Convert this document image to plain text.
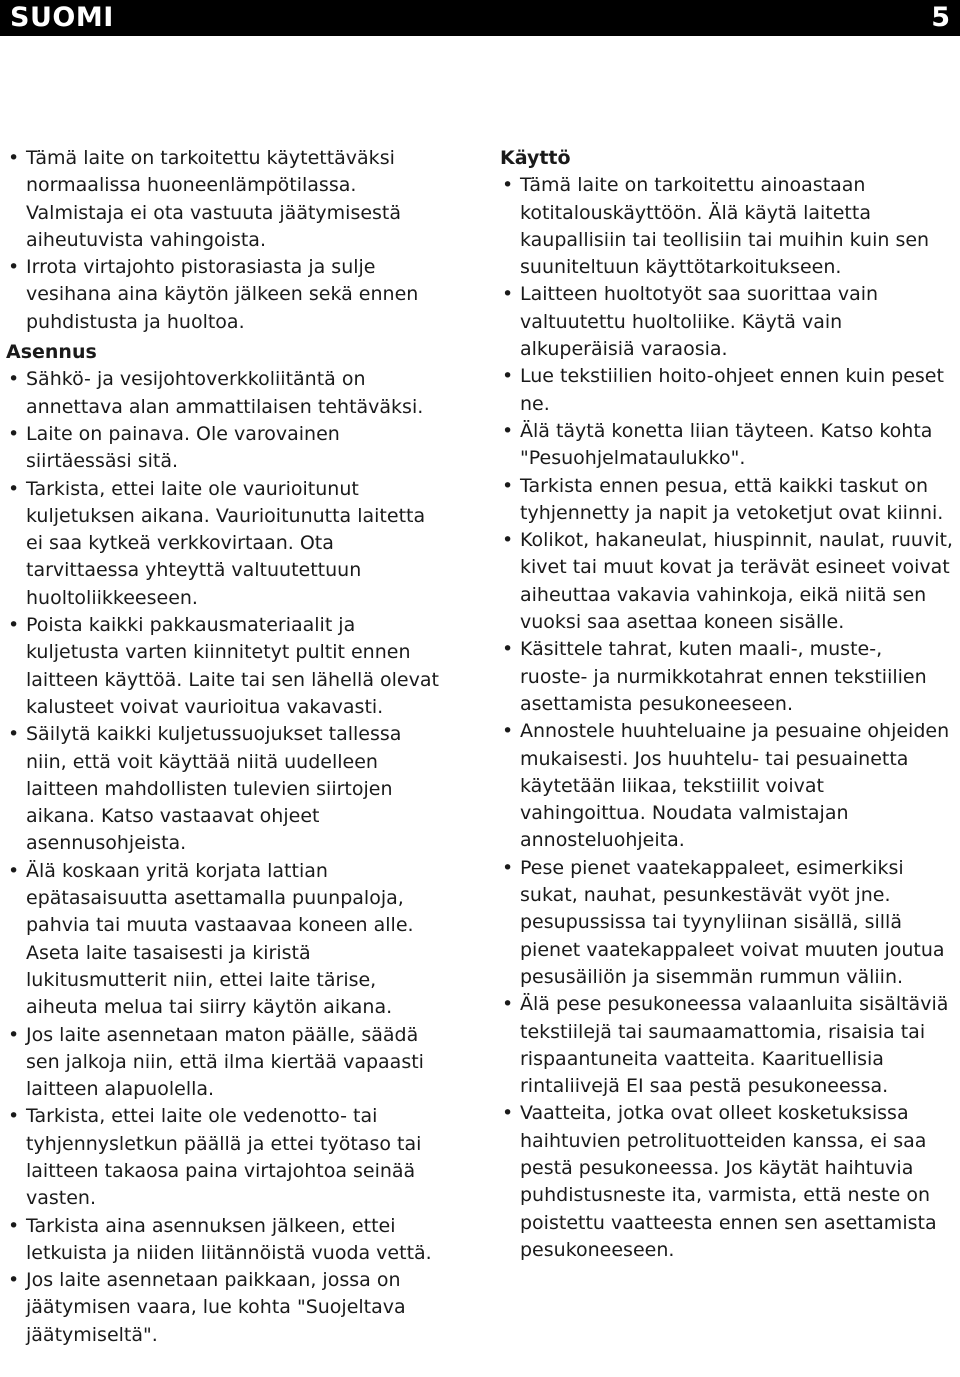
SUOMI	5
• Tämä laite on tarkoitettu käytettäväksi normaalissa huoneenlämpötilassa. Valmistaja ei ota vastuuta jäätymisestä aiheutuvista vahingoista.
• Irrota virtajohto pistorasiasta ja sulje vesihana aina käytön jälkeen sekä ennen puhdistusta ja huoltoa.
Asennus
• Sähkö- ja vesijohtoverkkoliitäntä on annettava alan ammattilaisen tehtäväksi.
• Laite on painava. Ole varovainen siirtäessäsi sitä.
• Tarkista, ettei laite ole vaurioitunut kuljetuksen aikana. Vaurioitunutta laitetta ei saa kytkeä verkkovirtaan. Ota tarvittaessa yhteyttä valtuutettuun huoltoliikkeeseen.
• Poista kaikki pakkausmateriaalit ja kuljetusta varten kiinnitetyt pultit ennen laitteen käyttöä. Laite tai sen lähellä olevat kalusteet voivat vaurioitua vakavasti.
• Säilytä kaikki kuljetussuojukset tallessa niin, että voit käyttää niitä uudelleen laitteen mahdollisten tulevien siirtojen aikana. Katso vastaavat ohjeet asennusohjeista.
• Älä koskaan yritä korjata lattian epätasaisuutta asettamalla puunpaloja, pahvia tai muuta vastaavaa koneen alle. Aseta laite tasaisesti ja kiristä lukitusmutterit niin, ettei laite tärise, aiheuta melua tai siirry käytön aikana.
• Jos laite asennetaan maton päälle, säädä sen jalkoja niin, että ilma kiertää vapaasti laitteen alapuolella.
• Tarkista, ettei laite ole vedenotto- tai tyhjennysletkun päällä ja ettei työtaso tai laitteen takaosa paina virtajohtoa seinää vasten.
• Tarkista aina asennuksen jälkeen, ettei letkuista ja niiden liitännöistä vuoda vettä.
• Jos laite asennetaan paikkaan, jossa on jäätymisen vaara, lue kohta "Suojeltava jäätymiseltä".
Käyttö
• Tämä laite on tarkoitettu ainoastaan kotitalouskäyttöön. Älä käytä laitetta kaupallisiin tai teollisiin tai muihin kuin sen suuniteltuun käyttötarkoitukseen.
• Laitteen huoltotyöt saa suorittaa vain valtuutettu huoltoliike. Käytä vain alkuperäisiä varaosia.
• Lue tekstiilien hoito-ohjeet ennen kuin peset ne.
• Älä täytä konetta liian täyteen. Katso kohta "Pesuohjelmataulukko".
• Tarkista ennen pesua, että kaikki taskut on tyhjennetty ja napit ja vetoketjut ovat kiinni.
• Kolikot, hakaneulat, hiuspinnit, naulat, ruuvit, kivet tai muut kovat ja terävät esineet voivat aiheuttaa vakavia vahinkoja, eikä niitä sen vuoksi saa asettaa koneen sisälle.
• Käsittele tahrat, kuten maali-, muste-, ruoste- ja nurmikkotahrat ennen tekstiilien asettamista pesukoneeseen.
• Annostele huuhteluaine ja pesuaine ohjeiden mukaisesti. Jos huuhtelu- tai pesuainetta käytetään liikaa, tekstiilit voivat vahingoittua. Noudata valmistajan annosteluohjeita.
• Pese pienet vaatekappaleet, esimerkiksi sukat, nauhat, pesunkestävät vyöt jne. pesupussissa tai tyynyliinan sisällä, sillä pienet vaatekappaleet voivat muuten joutua pesusäiliön ja sisemmän rummun väliin.
• Älä pese pesukoneessa valaanluita sisältäviä tekstiilejä tai saumaamattomia, risaisia tai rispaantuneita vaatteita. Kaarituellisia rintaliivejä EI saa pestä pesukoneessa.
• Vaatteita, jotka ovat olleet kosketuksissa haihtuvien petrolituotteiden kanssa, ei saa pestä pesukoneessa. Jos käytät haihtuvia puhdistusneste ita, varmista, että neste on poistettu vaatteesta ennen sen asettamista pesukoneeseen.
